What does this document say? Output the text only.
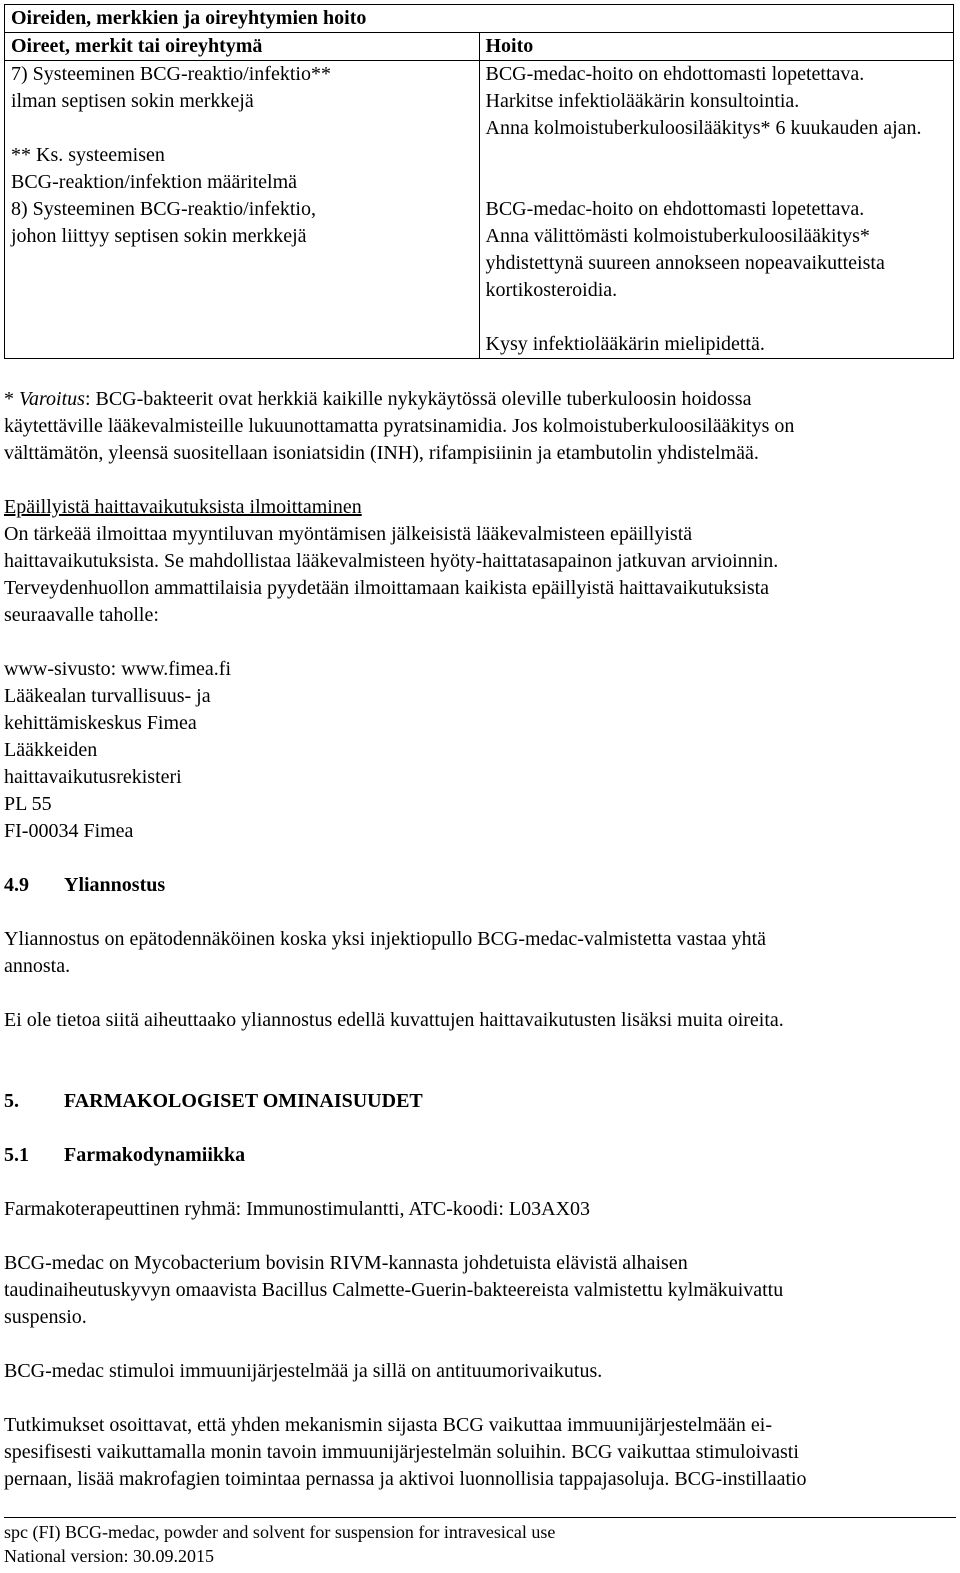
Oireiden, merkkien ja oireyhtymien hoito	
Oireet, merkit tai oireyhtymä	Hoito

7) Systeeminen BCG-reaktio/infektio**
ilman septisen sokin merkkejä
** Ks. systeemisen
BCG-reaktion/infektion määritelmä	BCG-medac-hoito on ehdottomasti lopetettava.
Harkitse infektiolääkärin konsultointia.
Anna kolmoistuberkuloosilääkitys* 6 kuukauden ajan.

8) Systeeminen BCG-reaktio/infektio,
johon liittyy septisen sokin merkkejä	BCG-medac-hoito on ehdottomasti lopetettava.
Anna välittömästi kolmoistuberkuloosilääkitys*
yhdistettynä suureen annokseen nopeavaikutteista
kortikosteroidia.
Kysy infektiolääkärin mielipidettä.
* Varoitus: BCG-bakteerit ovat herkkiä kaikille nykykäytössä oleville tuberkuloosin hoidossa
käytettäville lääkevalmisteille lukuunottamatta pyratsinamidia. Jos kolmoistuberkuloosilääkitys on
välttämätön, yleensä suositellaan isoniatsidin (INH), rifampisiinin ja etambutolin yhdistelmää.
Epäillyistä haittavaikutuksista ilmoittaminen
On tärkeää ilmoittaa myyntiluvan myöntämisen jälkeisistä lääkevalmisteen epäillyistä
haittavaikutuksista. Se mahdollistaa lääkevalmisteen hyöty-haittatasapainon jatkuvan arvioinnin.
Terveydenhuollon ammattilaisia pyydetään ilmoittamaan kaikista epäillyistä haittavaikutuksista
seuraavalle taholle:
www-sivusto: www.fimea.fi
Lääkealan turvallisuus- ja
kehittämiskeskus Fimea
Lääkkeiden
haittavaikutusrekisteri
PL 55
FI-00034 Fimea
4.9	Yliannostus
Yliannostus on epätodennäköinen koska yksi injektiopullo BCG-medac-valmistetta vastaa yhtä
annosta.
Ei ole tietoa siitä aiheuttaako yliannostus edellä kuvattujen haittavaikutusten lisäksi muita oireita.
5.	FARMAKOLOGISET OMINAISUUDET
5.1	Farmakodynamiikka
Farmakoterapeuttinen ryhmä: Immunostimulantti, ATC-koodi: L03AX03
BCG-medac on Mycobacterium bovisin RIVM-kannasta johdetuista elävistä alhaisen
taudinaiheutuskyvyn omaavista Bacillus Calmette-Guerin-bakteereista valmistettu kylmäkuivattu
suspensio.
BCG-medac stimuloi immuunijärjestelmää ja sillä on antituumorivaikutus.
Tutkimukset osoittavat, että yhden mekanismin sijasta BCG vaikuttaa immuunijärjestelmään ei-
spesifisesti vaikuttamalla monin tavoin immuunijärjestelmän soluihin. BCG vaikuttaa stimuloivasti
pernaan, lisää makrofagien toimintaa pernassa ja aktivoi luonnollisia tappajasoluja. BCG-instillaatio
spc (FI) BCG-medac, powder and solvent for suspension for intravesical use
National version: 30.09.2015
